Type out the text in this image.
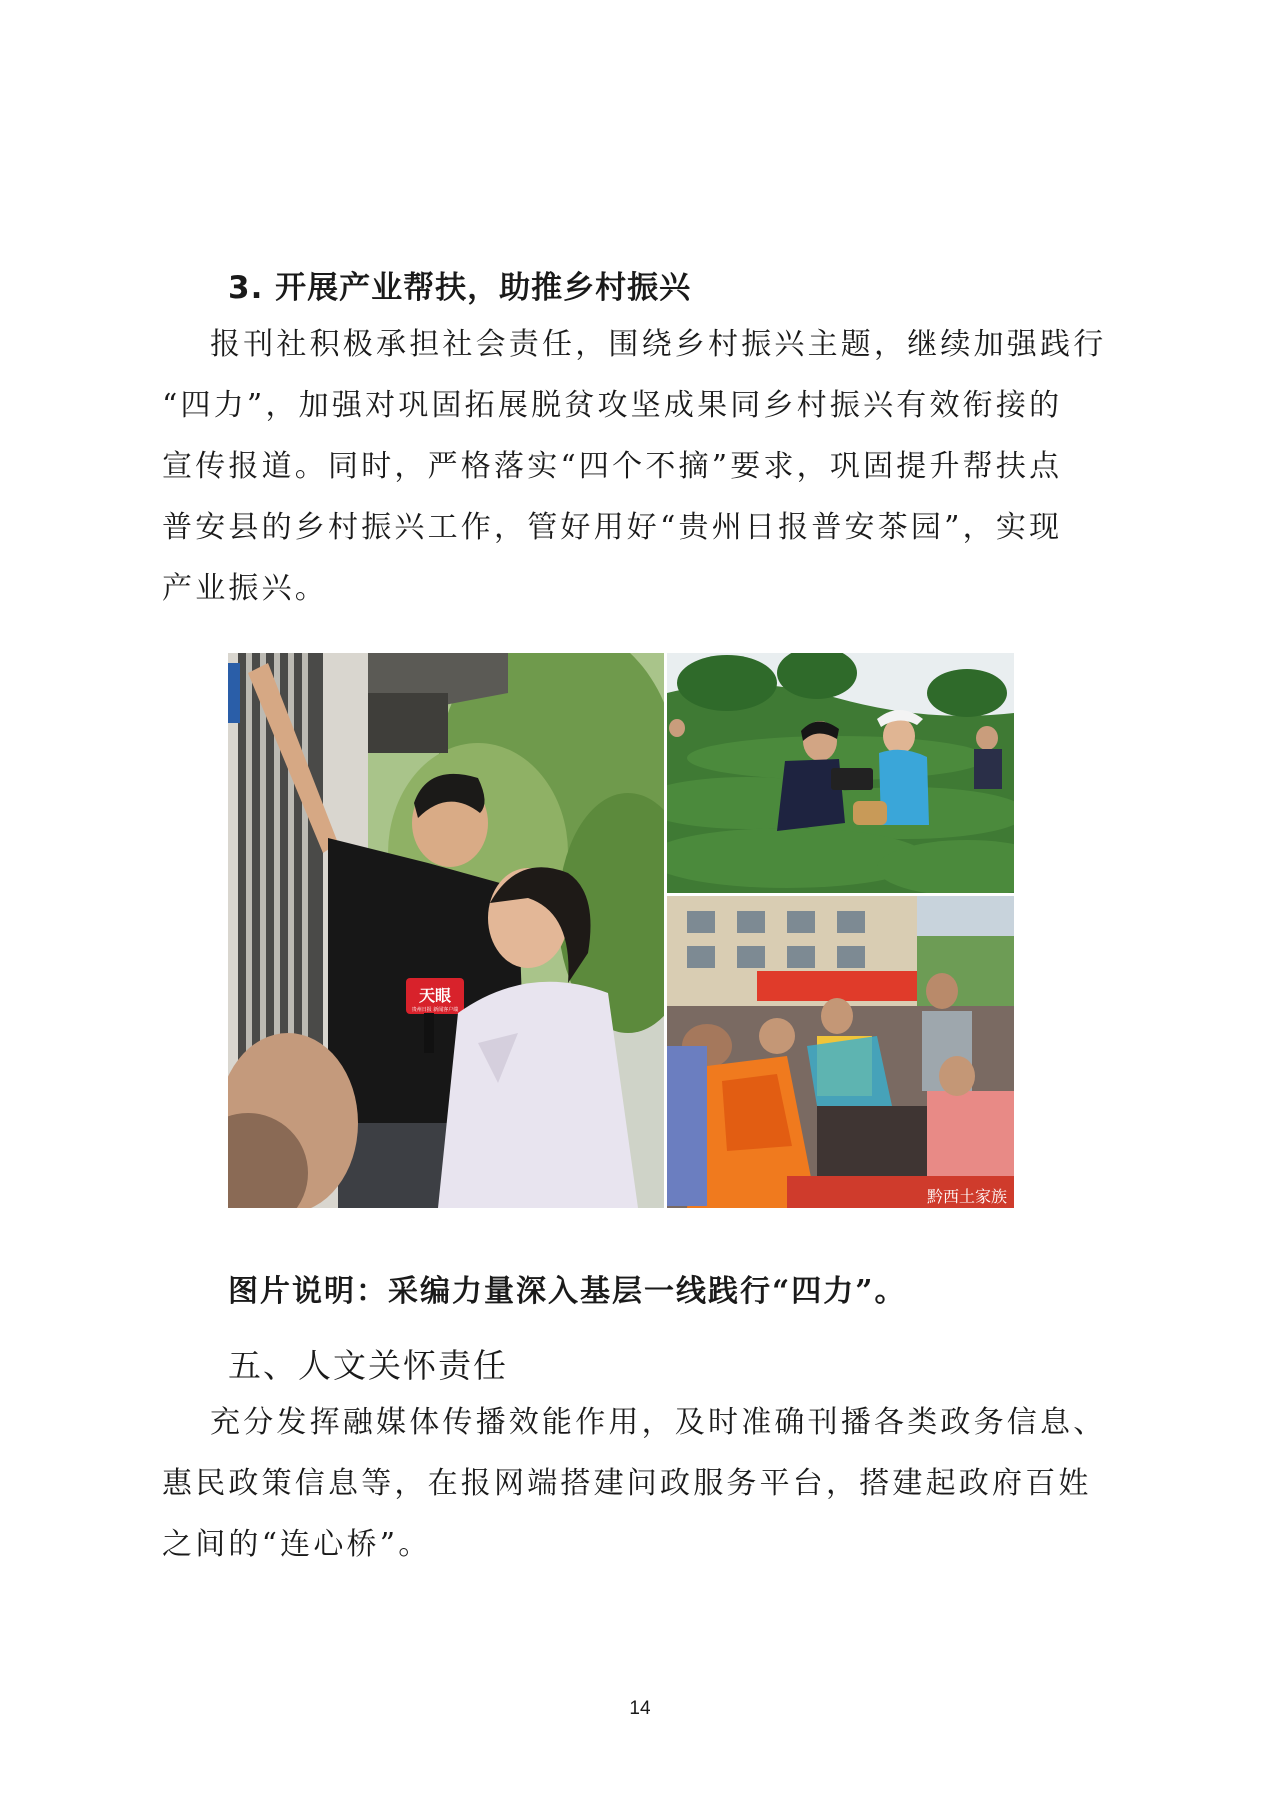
3. 开展产业帮扶，助推乡村振兴

报刊社积极承担社会责任，围绕乡村振兴主题，继续加强践行

“四力”，加强对巩固拓展脱贫攻坚成果同乡村振兴有效衔接的

宣传报道。同时，严格落实“四个不摘”要求，巩固提升帮扶点

普安县的乡村振兴工作，管好用好“贵州日报普安茶园”，实现

产业振兴。

天眼
贵州日报 新闻客户端
黔西土家族
图片说明：采编力量深入基层一线践行“四力”。
五、人文关怀责任

充分发挥融媒体传播效能作用，及时准确刊播各类政务信息、

惠民政策信息等，在报网端搭建问政服务平台，搭建起政府百姓

之间的“连心桥”。

14
